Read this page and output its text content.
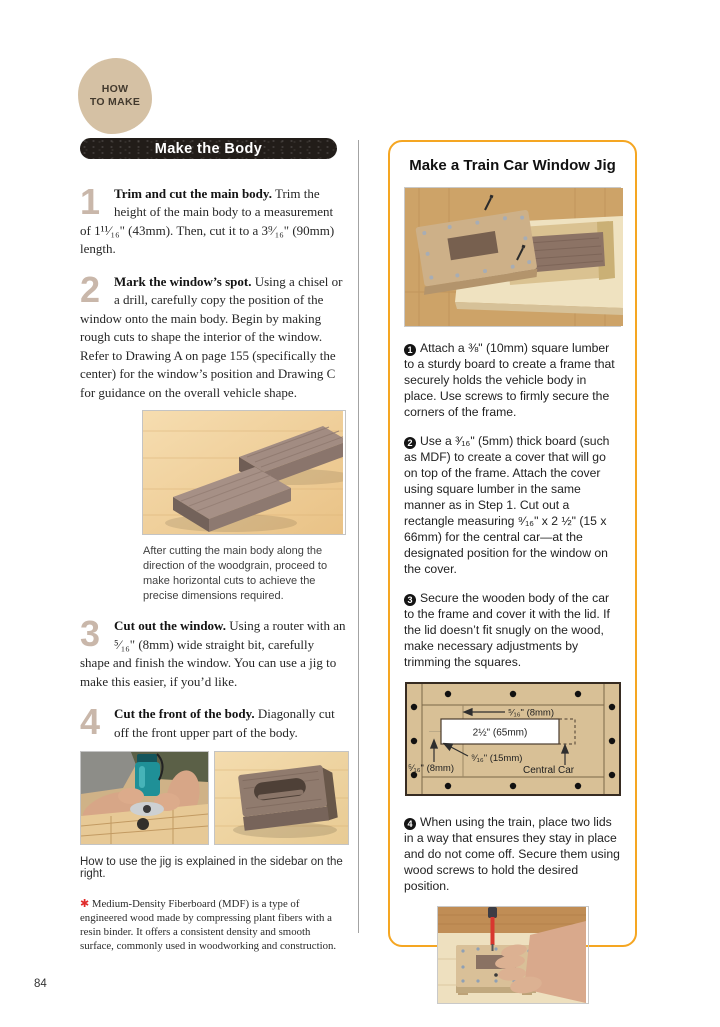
HOW
TO MAKE
Make the Body

1	Trim and cut the main body. Trim the height of the main body to a measurement of 1¹¹⁄₁₆" (43mm). Then, cut it to a 3⁹⁄₁₆" (90mm) length.

2	Mark the window’s spot. Using a chisel or a drill, carefully copy the position of the window onto the main body. Begin by making rough cuts to shape the interior of the window. Refer to Drawing A on page 155 (specifically the center) for the window’s position and Drawing C for guidance on the overall vehicle shape.

After cutting the main body along the direction of the woodgrain, proceed to make horizontal cuts to achieve the precise dimensions required.

3	Cut out the window. Using a router with an ⁵⁄₁₆" (8mm) wide straight bit, carefully shape and finish the window. You can use a jig to make this easier, if you’d like.

4	Cut the front of the body. Diagonally cut off the front upper part of the body.

How to use the jig is explained in the sidebar on the right.

✱ Medium-Density Fiberboard (MDF) is a type of engineered wood made by compressing plant fibers with a resin binder. It offers a consistent density and smooth surface, commonly used in woodworking and construction.

Make a Train Car Window Jig

1 Attach a ⅜" (10mm) square lumber to a sturdy board to create a frame that securely holds the vehicle body in place. Use screws to firmly secure the corners of the frame.

2 Use a ³⁄₁₆" (5mm) thick board (such as MDF) to create a cover that will go on top of the frame. Attach the cover using square lumber in the same manner as in Step 1. Cut out a rectangle measuring ⁹⁄₁₆" x 2 ½" (15 x 66mm) for the central car—at the designated position for the window on the cover.

3 Secure the wooden body of the car to the frame and cover it with the lid. If the lid doesn’t fit snugly on the wood, make necessary adjustments by trimming the squares.

⁵⁄₁₆" (8mm)
2½" (65mm)
⁹⁄₁₆" (15mm)
⁵⁄₁₆" (8mm)	Central Car

4 When using the train, place two lids in a way that ensures they stay in place and do not come off. Secure them using wood screws to hold the desired position.

84
